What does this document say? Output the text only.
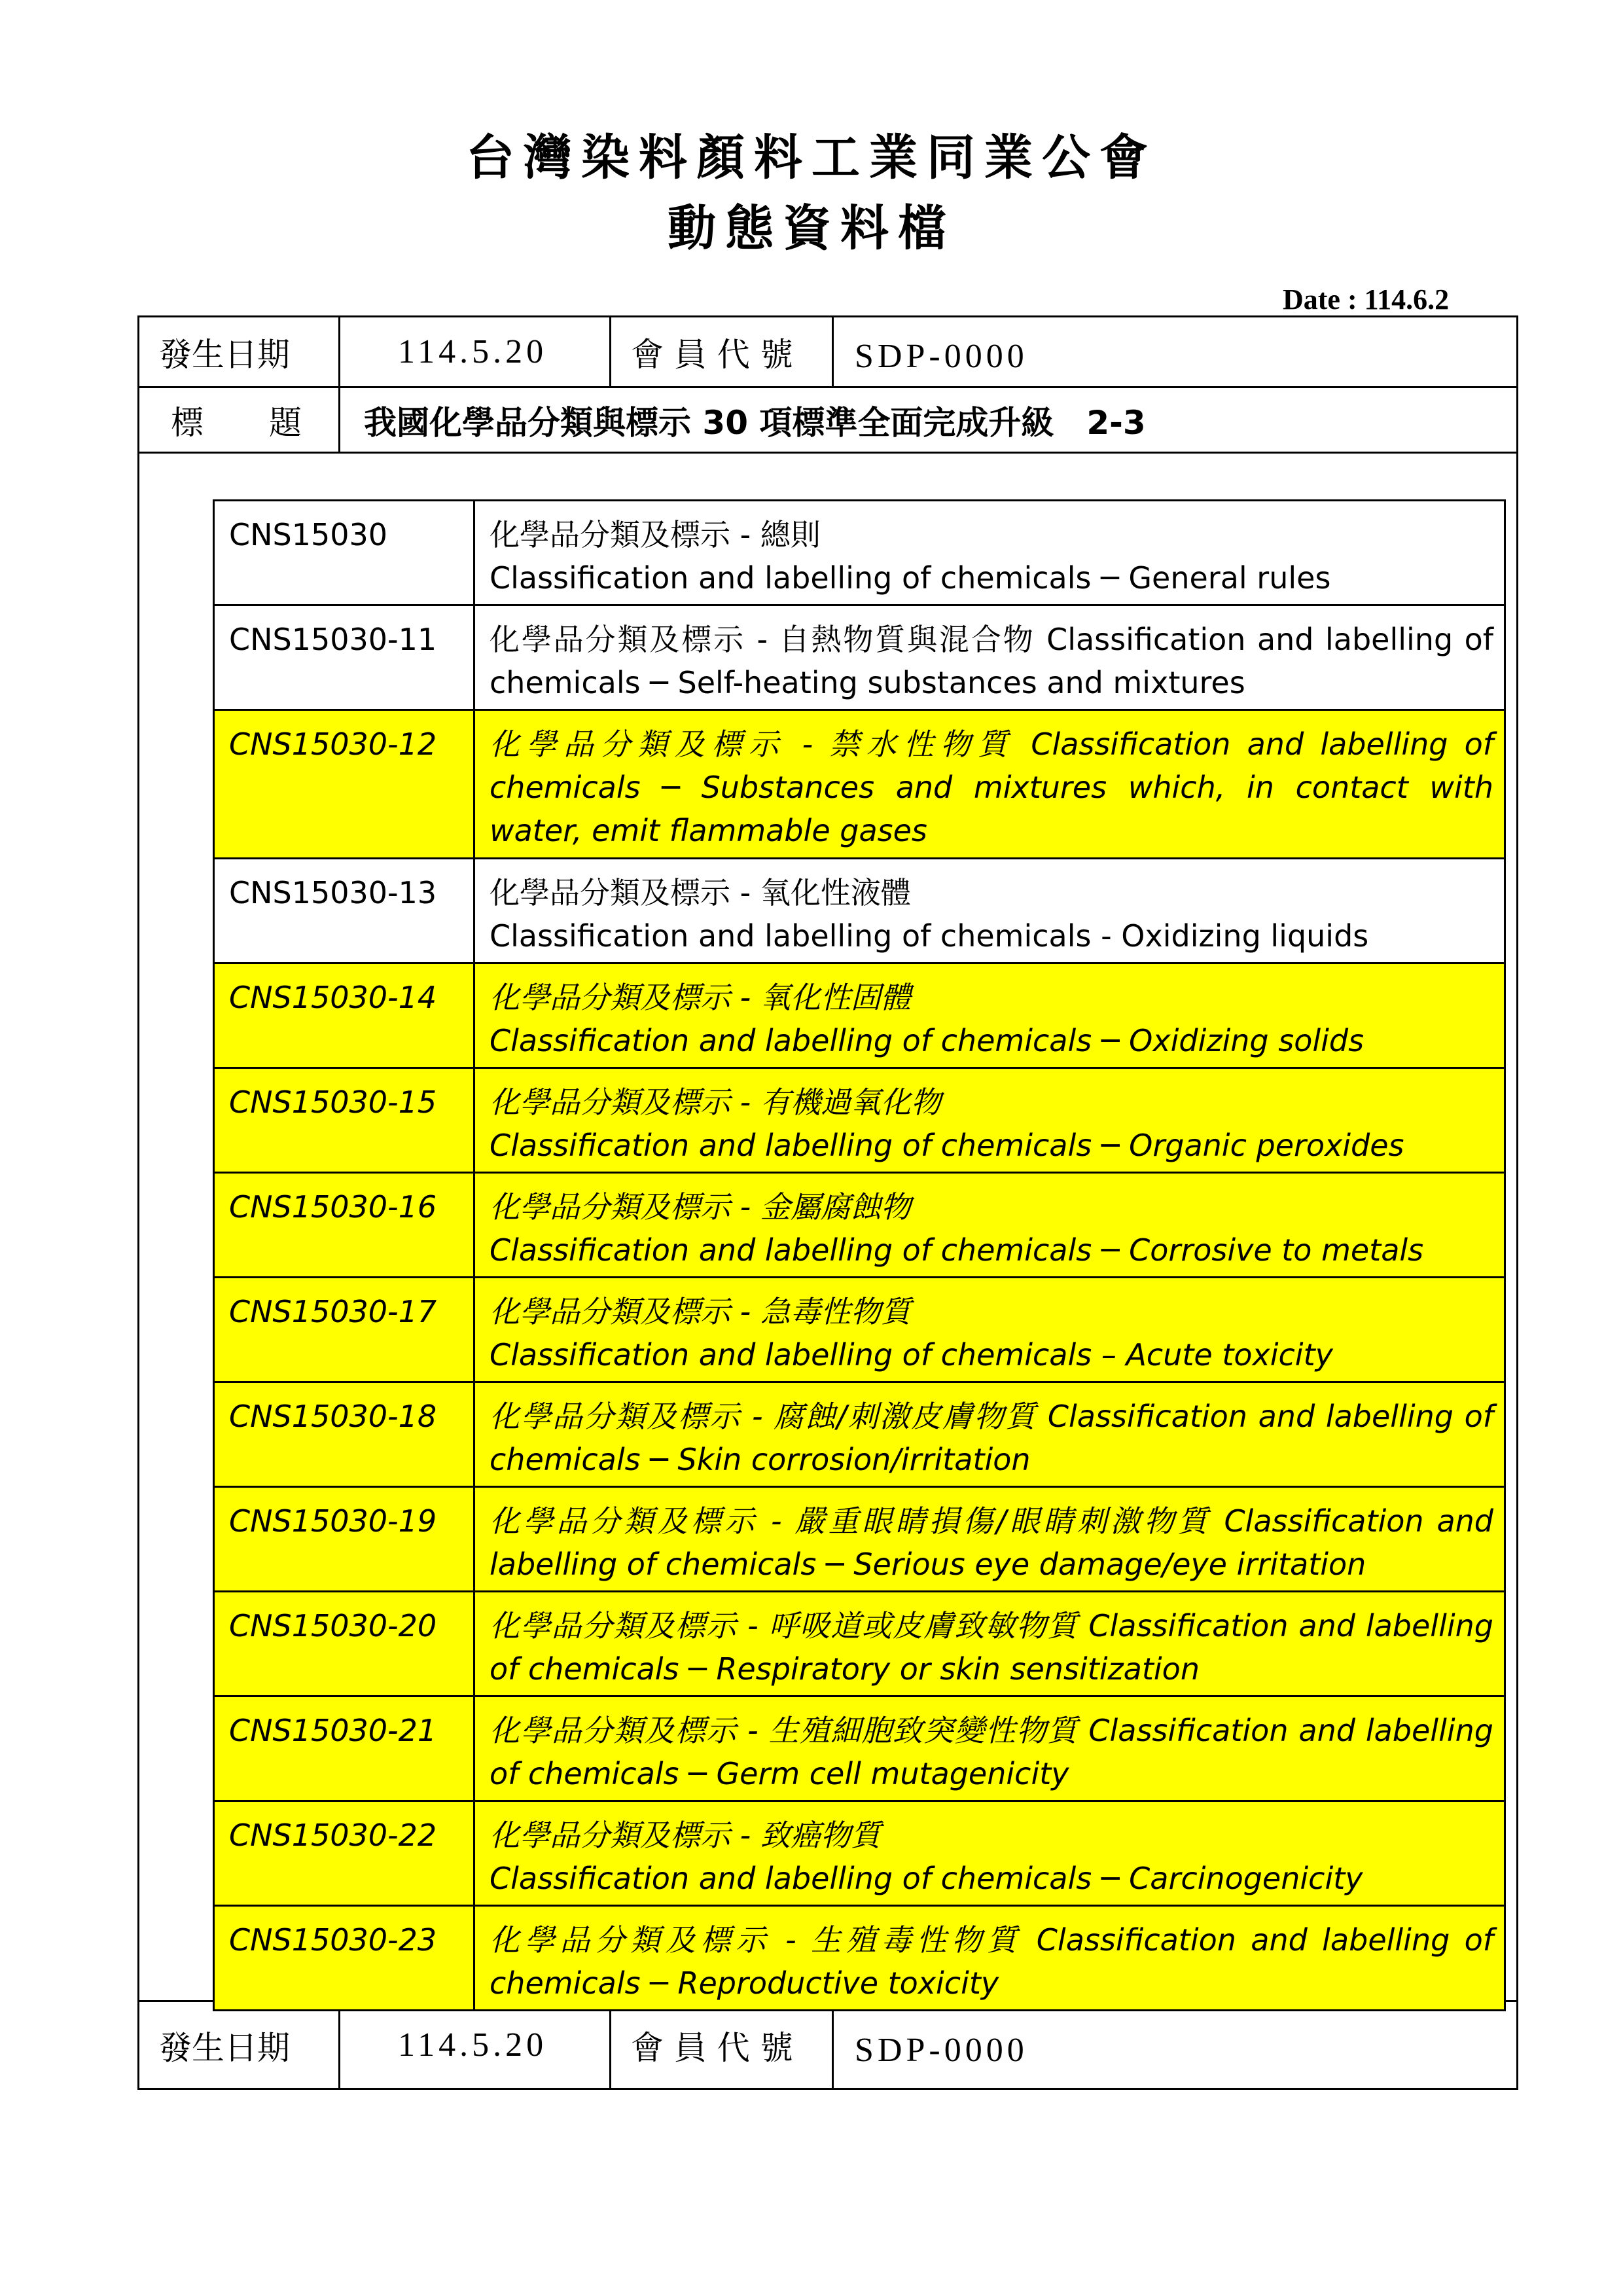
台灣染料顏料工業同業公會
動態資料檔
Date : 114.6.2
發生日期	114.5.20	會 員 代 號	SDP-0000
標　　題	我國化學品分類與標示 30 項標準全面完成升級　2-3
發生日期	114.5.20	會 員 代 號	SDP-0000
CNS15030	化學品分類及標示 - 總則
Classification and labelling of chemicals ─ General rules
CNS15030-11	化學品分類及標示 - 自熱物質與混合物 Classification and labelling of chemicals ─ Self-heating substances and mixtures
CNS15030-12	化學品分類及標示 - 禁水性物質 Classification and labelling of chemicals ─ Substances and mixtures which, in contact with water, emit flammable gases
CNS15030-13	化學品分類及標示 - 氧化性液體
Classification and labelling of chemicals - Oxidizing liquids
CNS15030-14	化學品分類及標示 - 氧化性固體
Classification and labelling of chemicals ─ Oxidizing solids
CNS15030-15	化學品分類及標示 - 有機過氧化物
Classification and labelling of chemicals ─ Organic peroxides
CNS15030-16	化學品分類及標示 - 金屬腐蝕物
Classification and labelling of chemicals ─ Corrosive to metals
CNS15030-17	化學品分類及標示 - 急毒性物質
Classification and labelling of chemicals – Acute toxicity
CNS15030-18	化學品分類及標示 - 腐蝕/刺激皮膚物質 Classification and labelling of chemicals ─ Skin corrosion/irritation
CNS15030-19	化學品分類及標示 - 嚴重眼睛損傷/眼睛刺激物質 Classification and labelling of chemicals ─ Serious eye damage/eye irritation
CNS15030-20	化學品分類及標示 - 呼吸道或皮膚致敏物質 Classification and labelling of chemicals ─ Respiratory or skin sensitization
CNS15030-21	化學品分類及標示 - 生殖細胞致突變性物質 Classification and labelling of chemicals ─ Germ cell mutagenicity
CNS15030-22	化學品分類及標示 - 致癌物質
Classification and labelling of chemicals ─ Carcinogenicity
CNS15030-23	化學品分類及標示 - 生殖毒性物質 Classification and labelling of chemicals ─ Reproductive toxicity
